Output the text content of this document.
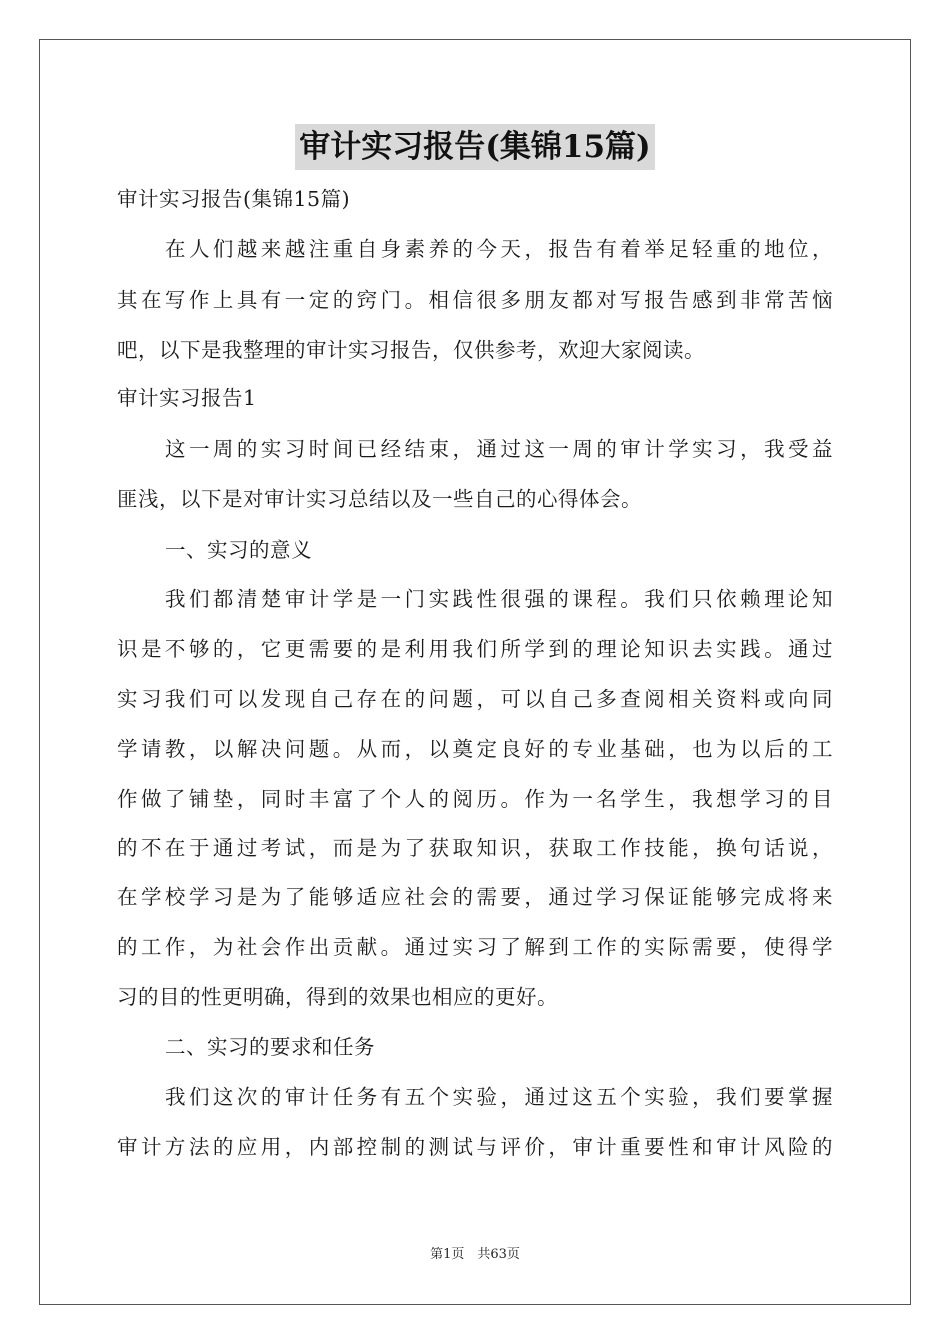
审计实习报告(集锦15篇)
审计实习报告(集锦15篇)
在人们越来越注重自身素养的今天，报告有着举足轻重的地位，
其在写作上具有一定的窍门。相信很多朋友都对写报告感到非常苦恼
吧，以下是我整理的审计实习报告，仅供参考，欢迎大家阅读。
审计实习报告1
这一周的实习时间已经结束，通过这一周的审计学实习，我受益
匪浅，以下是对审计实习总结以及一些自己的心得体会。
一、实习的意义
我们都清楚审计学是一门实践性很强的课程。我们只依赖理论知
识是不够的，它更需要的是利用我们所学到的理论知识去实践。通过
实习我们可以发现自己存在的问题，可以自己多查阅相关资料或向同
学请教，以解决问题。从而，以奠定良好的专业基础，也为以后的工
作做了铺垫，同时丰富了个人的阅历。作为一名学生，我想学习的目
的不在于通过考试，而是为了获取知识，获取工作技能，换句话说，
在学校学习是为了能够适应社会的需要，通过学习保证能够完成将来
的工作，为社会作出贡献。通过实习了解到工作的实际需要，使得学
习的目的性更明确，得到的效果也相应的更好。
二、实习的要求和任务
我们这次的审计任务有五个实验，通过这五个实验，我们要掌握
审计方法的应用，内部控制的测试与评价，审计重要性和审计风险的
第1页　共63页
